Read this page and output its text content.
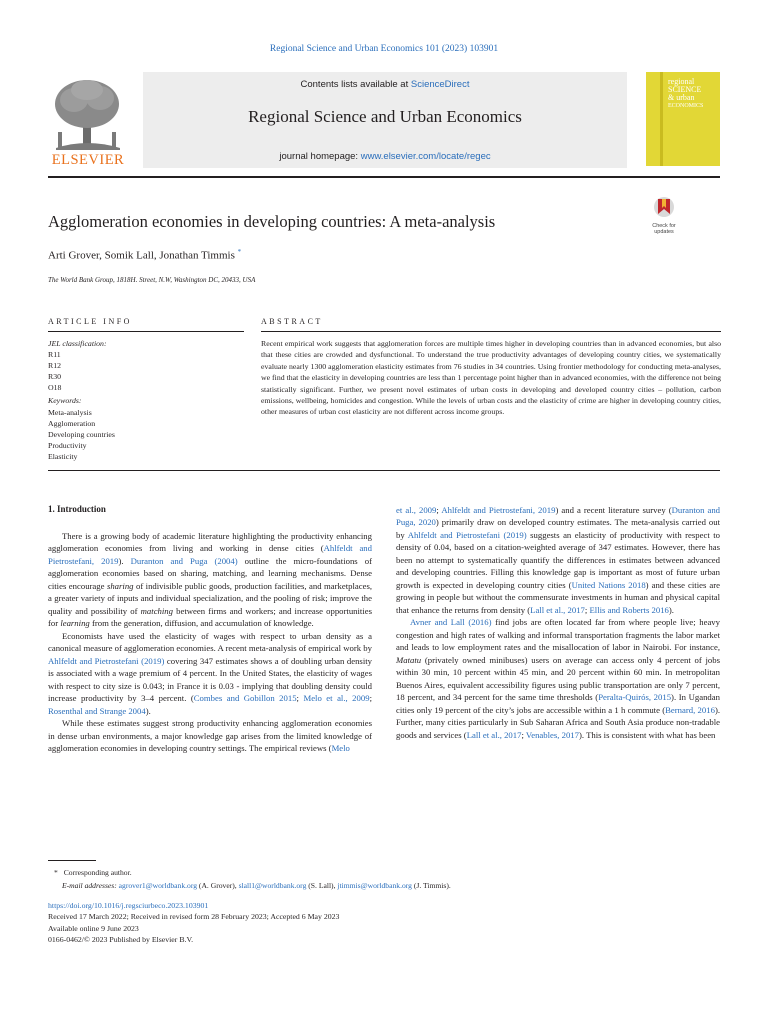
Regional Science and Urban Economics 101 (2023) 103901
ELSEVIER
Contents lists available at ScienceDirect
Regional Science and Urban Economics
journal homepage: www.elsevier.com/locate/regec
regional
SCIENCE
& urban
ECONOMICS
Agglomeration economies in developing countries: A meta-analysis	Check for
updates
Arti Grover, Somik Lall, Jonathan Timmis *
The World Bank Group, 1818H. Street, N.W, Washington DC, 20433, USA
ARTICLE INFO	ABSTRACT
JEL classification:
R11
R12
R30
O18
Keywords:
Meta-analysis
Agglomeration
Developing countries
Productivity
Elasticity
Recent empirical work suggests that agglomeration forces are multiple times higher in developing countries than in advanced economies, but also that these cities are crowded and dysfunctional. To understand the true productivity advantages of developing country cities, we systematically evaluate nearly 1300 agglomeration elasticity estimates from 76 studies in 34 countries. Using frontier methodology for conducting meta-analyses, we find that the elasticity in developing countries are less than 1 percentage point higher than in advanced economies, with the difference not being statistically significant. Further, we present novel estimates of urban costs in developing and developed country cities – pollution, carbon emissions, wellbeing, homicides and congestion. While the levels of urban costs and the elasticity of crime are higher in developing country cities, other measures of urban cost elasticity are not different across income groups.
1. Introduction

There is a growing body of academic literature highlighting the productivity enhancing agglomeration economies from living and working in dense cities (Ahlfeldt and Pietrostefani, 2019). Duranton and Puga (2004) outline the micro-foundations of agglomeration economies based on sharing, matching, and learning mechanisms. Dense cities encourage sharing of indivisible public goods, production facilities, and marketplaces, a greater variety of inputs and individual specialization, and the pooling of risk; improve the quality and possibility of matching between firms and workers; and increase opportunities for learning from the generation, diffusion, and accumulation of knowledge.

Economists have used the elasticity of wages with respect to urban density as a canonical measure of agglomeration economies. A recent meta-analysis of empirical work by Ahlfeldt and Pietrostefani (2019) covering 347 estimates shows a of doubling urban density is associated with a wage premium of 4 percent. In the United States, the elasticity of wages with respect to city size is 0.043; in France it is 0.03 - implying that doubling density could increase productivity by 3–4 percent. (Combes and Gobillon 2015; Melo et al., 2009; Rosenthal and Strange 2004).

While these estimates suggest strong productivity enhancing agglomeration economies in dense urban environments, a major knowledge gap arises from the limited knowledge of agglomeration economies in developing country settings. The empirical reviews (Melo

et al., 2009; Ahlfeldt and Pietrostefani, 2019) and a recent literature survey (Duranton and Puga, 2020) primarily draw on developed country estimates. The meta-analysis carried out by Ahlfeldt and Pietrostefani (2019) suggests an elasticity of productivity with respect to density of 0.04, based on a citation-weighted average of 347 estimates. However, there has been no attempt to systematically quantify the differences in estimates between advanced and developing countries. Filling this knowledge gap is important as most of future urban growth is expected in developing country cities (United Nations 2018) and these cities are growing in people but without the commensurate investments in human and physical capital that enhance the returns from density (Lall et al., 2017; Ellis and Roberts 2016).

Avner and Lall (2016) find jobs are often located far from where people live; heavy congestion and high rates of walking and informal transportation fragments the labor market and leads to low employment rates and the misallocation of labor in Nairobi. For instance, Matatu (privately owned minibuses) users on average can access only 4 percent of jobs within 30 min, 10 percent within 45 min, and 20 percent within 60 min. In metropolitan Buenos Aires, equivalent accessibility figures using public transportation are only 7 percent, 18 percent, and 34 percent for the same time thresholds (Peralta-Quirós, 2015). In Ugandan cities only 19 percent of the city’s jobs are accessible within a 1 h commute (Bernard, 2016). Further, many cities particularly in Sub Saharan Africa and South Asia produce non-tradable goods and services (Lall et al., 2017; Venables, 2017). This is consistent with what has been

* Corresponding author.
E-mail addresses: agrover1@worldbank.org (A. Grover), slall1@worldbank.org (S. Lall), jtimmis@worldbank.org (J. Timmis).
https://doi.org/10.1016/j.regsciurbeco.2023.103901
Received 17 March 2022; Received in revised form 28 February 2023; Accepted 6 May 2023
Available online 9 June 2023
0166-0462/© 2023 Published by Elsevier B.V.
